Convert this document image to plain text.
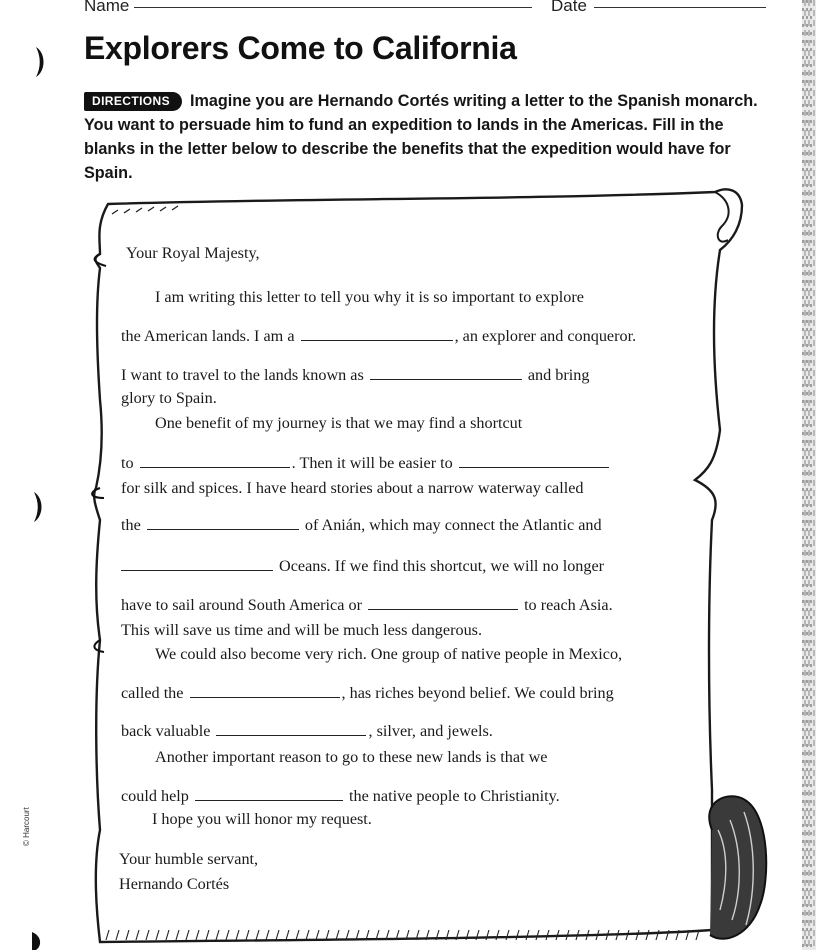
Name	Date
Explorers Come to California

DIRECTIONS Imagine you are Hernando Cortés writing a letter to the Spanish monarch. You want to persuade him to fund an expedition to lands in the Americas. Fill in the blanks in the letter below to describe the benefits that the expedition would have for Spain.

Your Royal Majesty,
I am writing this letter to tell you why it is so important to explore
the American lands. I am a	, an explorer and conqueror.
I want to travel to the lands known as	and bring
glory to Spain.
One benefit of my journey is that we may find a shortcut
to	. Then it will be easier to
for silk and spices. I have heard stories about a narrow waterway called
the	of Anián, which may connect the Atlantic and
Oceans. If we find this shortcut, we will no longer
have to sail around South America or	to reach Asia.
This will save us time and will be much less dangerous.
We could also become very rich. One group of native people in Mexico,
called the	, has riches beyond belief. We could bring
back valuable	, silver, and jewels.
Another important reason to go to these new lands is that we
could help	the native people to Christianity.
I hope you will honor my request.
Your humble servant,
Hernando Cortés
© Harcourt
